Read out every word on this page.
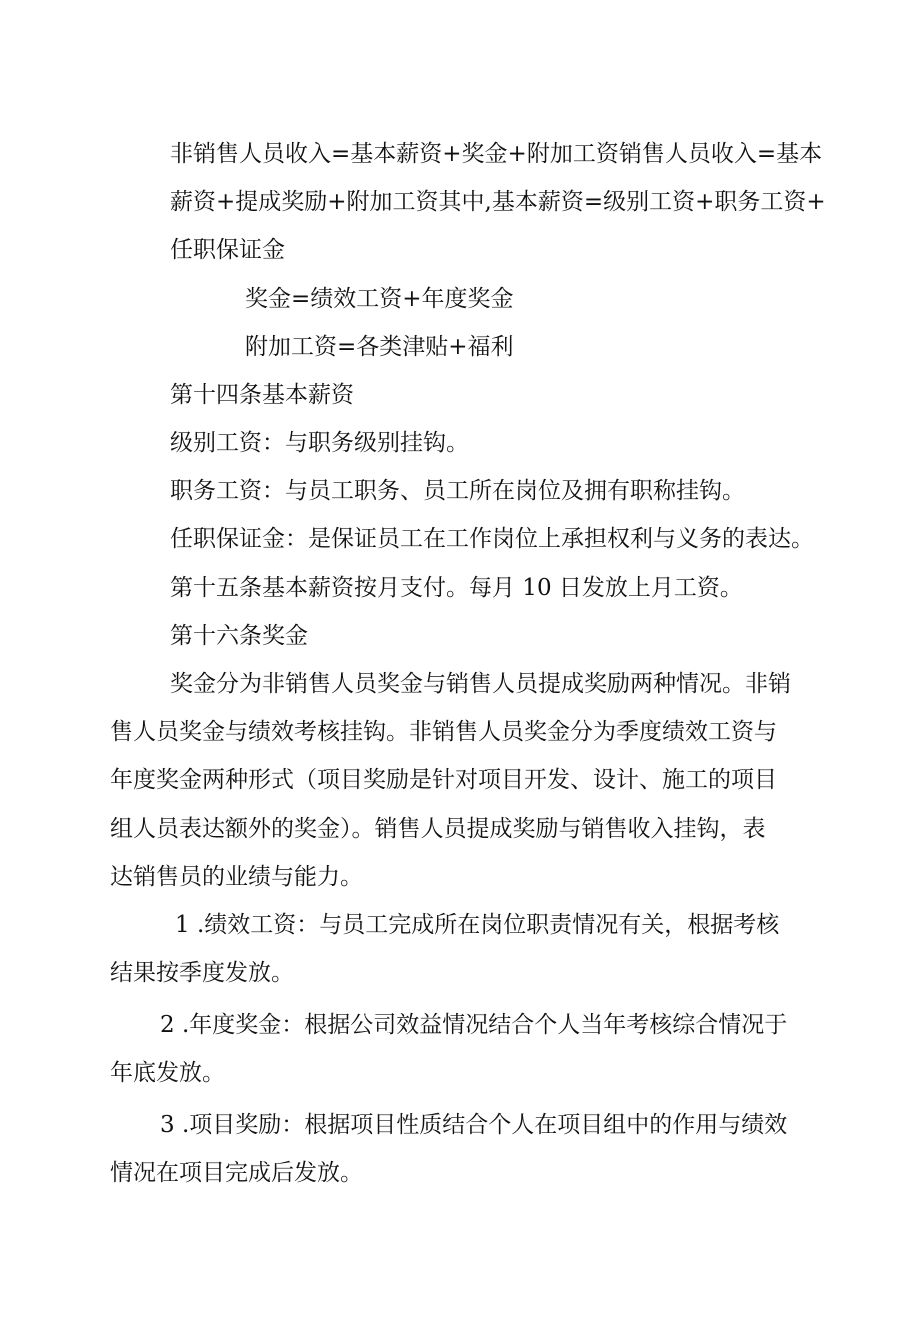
非销售人员收入=基本薪资+奖金+附加工资销售人员收入=基本

薪资+提成奖励+附加工资其中,基本薪资=级别工资+职务工资+

任职保证金

奖金=绩效工资+年度奖金

附加工资=各类津贴+福利

第十四条基本薪资

级别工资：与职务级别挂钩。

职务工资：与员工职务、员工所在岗位及拥有职称挂钩。

任职保证金：是保证员工在工作岗位上承担权利与义务的表达。

第十五条基本薪资按月支付。每月 10 日发放上月工资。

第十六条奖金

奖金分为非销售人员奖金与销售人员提成奖励两种情况。非销

售人员奖金与绩效考核挂钩。非销售人员奖金分为季度绩效工资与

年度奖金两种形式（项目奖励是针对项目开发、设计、施工的项目

组人员表达额外的奖金）。销售人员提成奖励与销售收入挂钩，表

达销售员的业绩与能力。

1 .绩效工资：与员工完成所在岗位职责情况有关，根据考核

结果按季度发放。

2 .年度奖金：根据公司效益情况结合个人当年考核综合情况于

年底发放。

3 .项目奖励：根据项目性质结合个人在项目组中的作用与绩效

情况在项目完成后发放。
